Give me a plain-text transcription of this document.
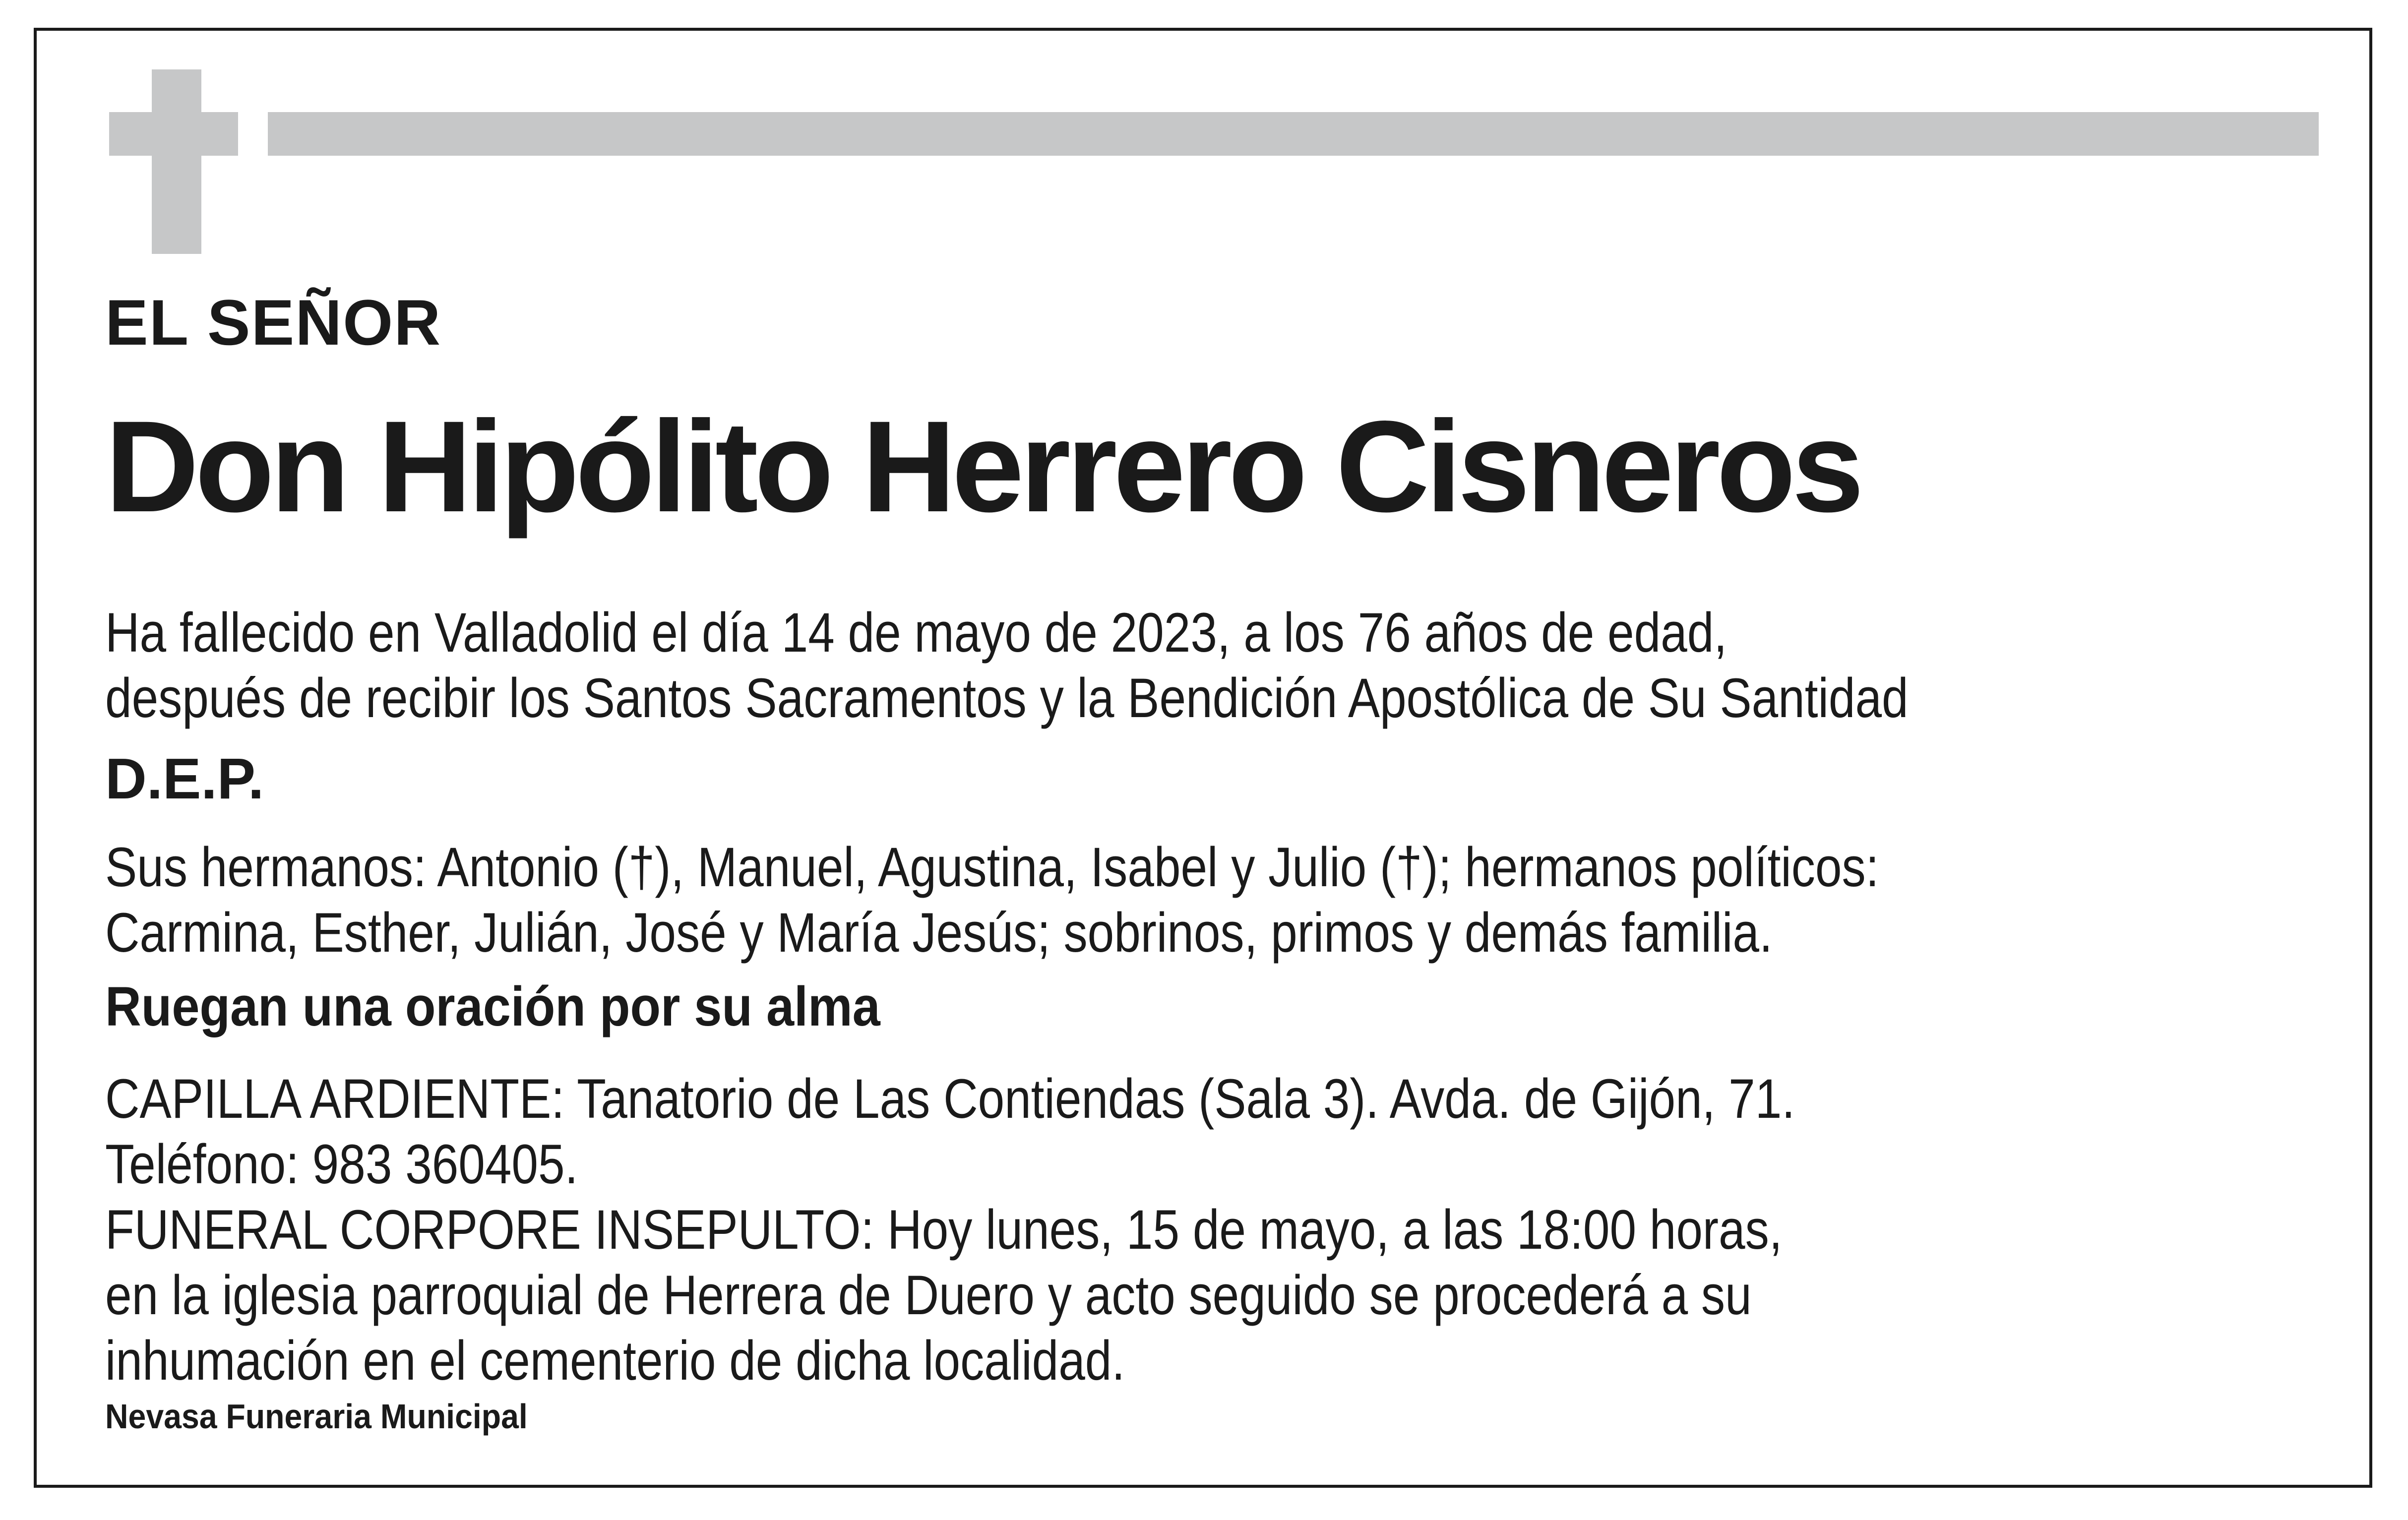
EL SEÑOR

Don Hipólito Herrero Cisneros

Ha fallecido en Valladolid el día 14 de mayo de 2023, a los 76 años de edad,
después de recibir los Santos Sacramentos y la Bendición Apostólica de Su Santidad

D.E.P.

Sus hermanos: Antonio (†), Manuel, Agustina, Isabel y Julio (†); hermanos políticos:
Carmina, Esther, Julián, José y María Jesús; sobrinos, primos y demás familia.

Ruegan una oración por su alma

CAPILLA ARDIENTE: Tanatorio de Las Contiendas (Sala 3). Avda. de Gijón, 71.
Teléfono: 983 360405.
FUNERAL CORPORE INSEPULTO: Hoy lunes, 15 de mayo, a las 18:00 horas,
en la iglesia parroquial de Herrera de Duero y acto seguido se procederá a su
inhumación en el cementerio de dicha localidad.

Nevasa Funeraria Municipal
